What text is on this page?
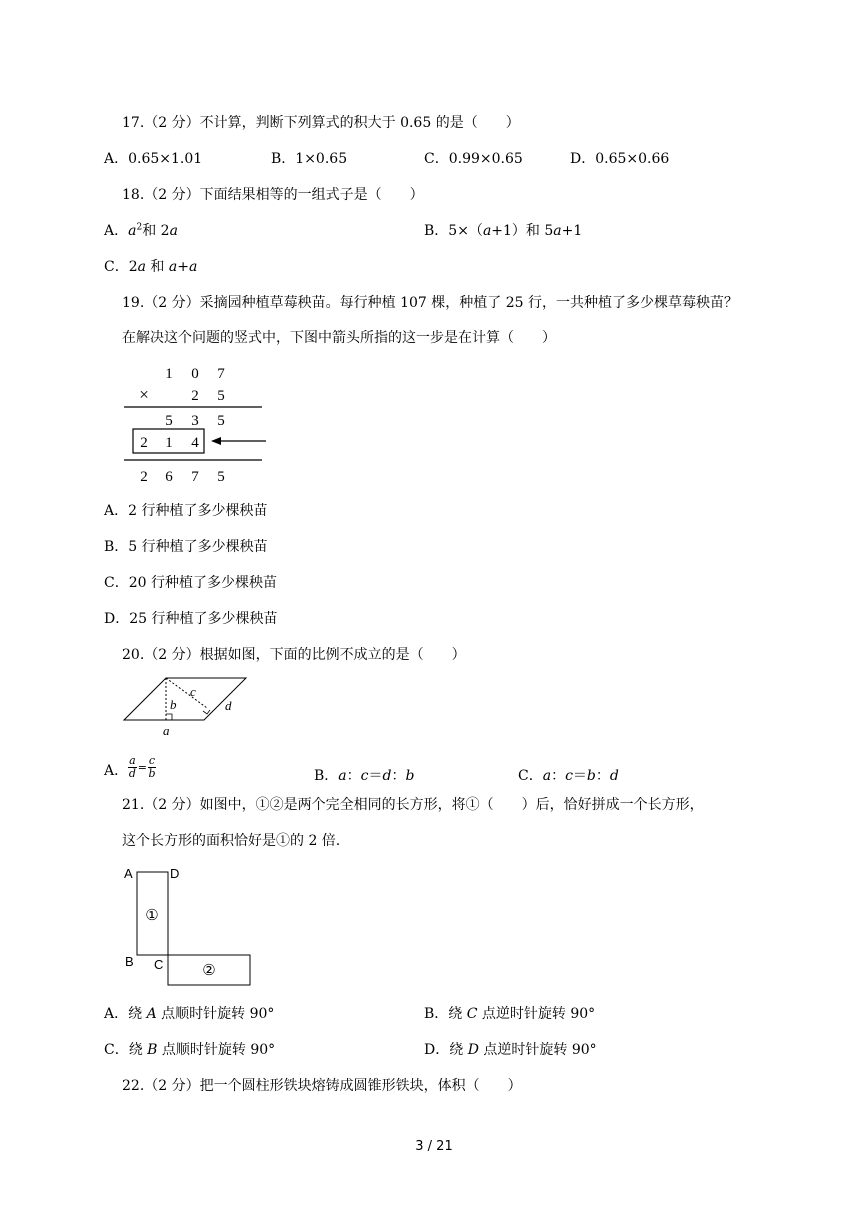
17.（2 分）不计算，判断下列算式的积大于 0.65 的是（　　）
A．0.65×1.01	B．1×0.65	C．0.99×0.65	D．0.65×0.66
18.（2 分）下面结果相等的一组式子是（　　）
A．$a^2$和 2a	B．5×（a+1）和 5a+1
C．2a 和 a+a
19.（2 分）采摘园种植草莓秧苗。每行种植 107 棵，种植了 25 行，一共种植了多少棵草莓秧苗？
在解决这个问题的竖式中，下图中箭头所指的这一步是在计算（　　）
1 0 7
×	2 5
5 3 5
2 1 4
2 6 7 5
A．2 行种植了多少棵秧苗
B．5 行种植了多少棵秧苗
C．20 行种植了多少棵秧苗
D．25 行种植了多少棵秧苗
20.（2 分）根据如图，下面的比例不成立的是（　　）
c
b	d
a
A． $\frac{a}{d} = \frac{c}{b}$	B．a：c＝d：b	C．a：c＝b：d
21.（2 分）如图中，①②是两个完全相同的长方形，将①（　　）后，恰好拼成一个长方形，
这个长方形的面积恰好是①的 2 倍.
A	D
B C
①
②
A．绕 A 点顺时针旋转 90°	B．绕 C 点逆时针旋转 90°
C．绕 B 点顺时针旋转 90°	D．绕 D 点逆时针旋转 90°
22.（2 分）把一个圆柱形铁块熔铸成圆锥形铁块，体积（　　）
3 / 21
